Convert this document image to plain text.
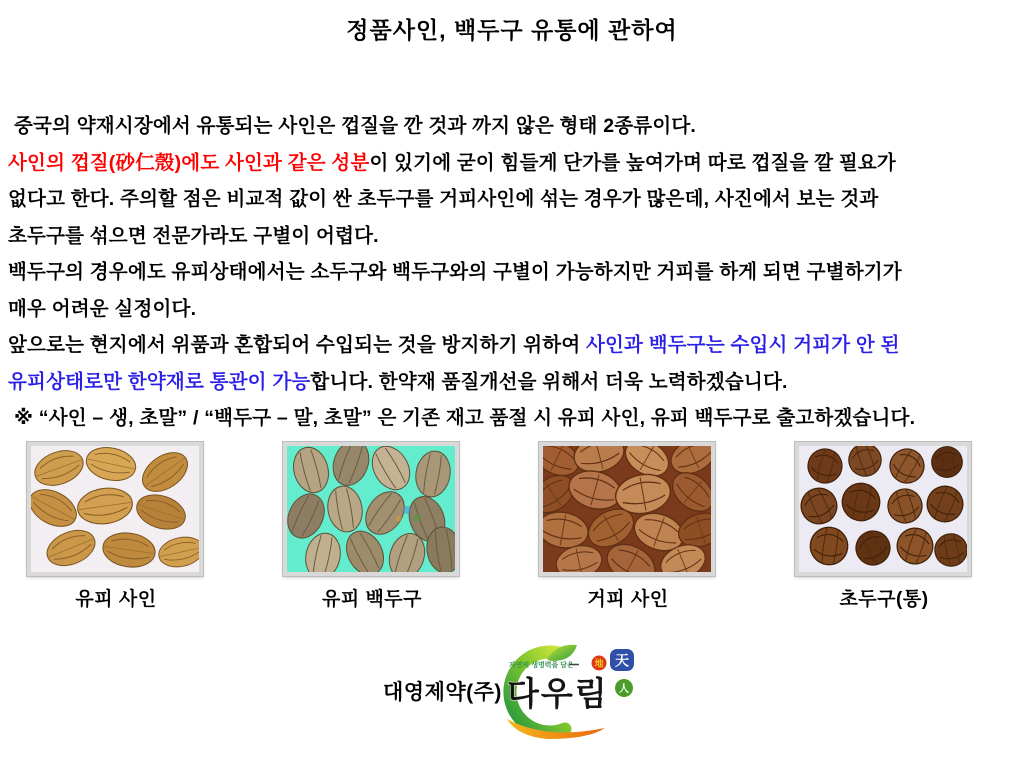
정품사인, 백두구 유통에 관하여
중국의 약재시장에서 유통되는 사인은 껍질을 깐 것과 까지 않은 형태 2종류이다.
사인의 껍질(砂仁殼)에도 사인과 같은 성분이 있기에 굳이 힘들게 단가를 높여가며 따로 껍질을 깔 필요가
없다고 한다. 주의할 점은 비교적 값이 싼 초두구를 거피사인에 섞는 경우가 많은데, 사진에서 보는 것과
초두구를 섞으면 전문가라도 구별이 어렵다.
백두구의 경우에도 유피상태에서는 소두구와 백두구와의 구별이 가능하지만 거피를 하게 되면 구별하기가
매우 어려운 실정이다.
앞으로는 현지에서 위품과 혼합되어 수입되는 것을 방지하기 위하여 사인과 백두구는 수입시 거피가 안 된
유피상태로만 한약재로 통관이 가능합니다. 한약재 품질개선을 위해서 더욱 노력하겠습니다.
※ “사인 – 생, 초말” / “백두구 – 말, 초말” 은 기존 재고 품절 시 유피 사인, 유피 백두구로 출고하겠습니다.
유피 사인	유피 백두구	거피 사인	초두구(통)
대영제약(주)
자연의 생명력을 담은
다우림
地 天
人
